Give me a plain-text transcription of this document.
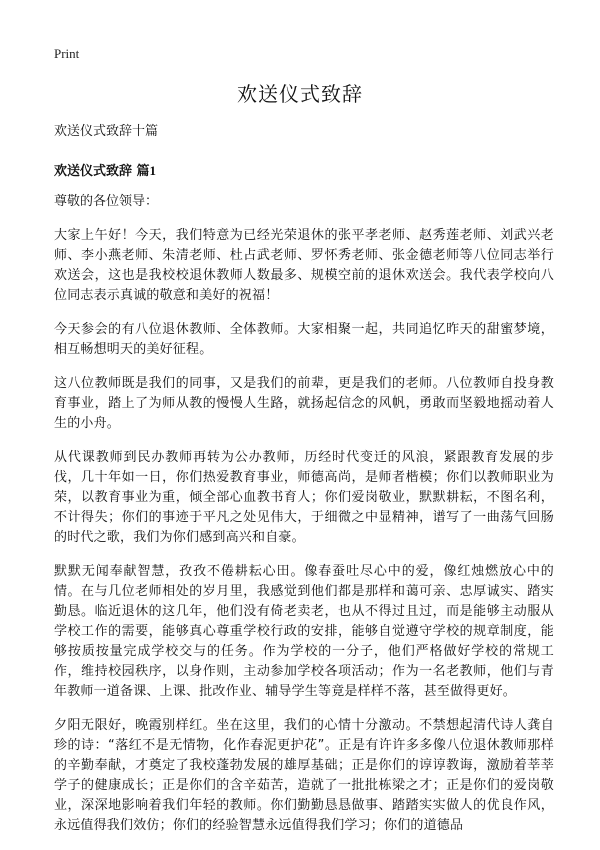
Print
欢送仪式致辞

欢送仪式致辞十篇

欢送仪式致辞 篇1

尊敬的各位领导：

大家上午好！今天，我们特意为已经光荣退休的张平孝老师、赵秀莲老师、刘武兴老师、李小燕老师、朱清老师、杜占武老师、罗怀秀老师、张金德老师等八位同志举行欢送会，这也是我校校退休教师人数最多、规模空前的退休欢送会。我代表学校向八位同志表示真诚的敬意和美好的祝福！

今天参会的有八位退休教师、全体教师。大家相聚一起，共同追忆昨天的甜蜜梦境，相互畅想明天的美好征程。

这八位教师既是我们的同事，又是我们的前辈，更是我们的老师。八位教师自投身教育事业，踏上了为师从教的慢慢人生路，就扬起信念的风帆，勇敢而坚毅地摇动着人生的小舟。

从代课教师到民办教师再转为公办教师，历经时代变迁的风浪，紧跟教育发展的步伐，几十年如一日，你们热爱教育事业，师德高尚，是师者楷模；你们以教师职业为荣，以教育事业为重，倾全部心血教书育人；你们爱岗敬业，默默耕耘，不图名利，不计得失；你们的事迹于平凡之处见伟大，于细微之中显精神，谱写了一曲荡气回肠的时代之歌，我们为你们感到高兴和自豪。

默默无闻奉献智慧，孜孜不倦耕耘心田。像春蚕吐尽心中的爱，像红烛燃放心中的情。在与几位老师相处的岁月里，我感觉到他们都是那样和蔼可亲、忠厚诚实、踏实勤恳。临近退休的这几年，他们没有倚老卖老，也从不得过且过，而是能够主动服从学校工作的需要，能够真心尊重学校行政的安排，能够自觉遵守学校的规章制度，能够按质按量完成学校交与的任务。作为学校的一分子，他们严格做好学校的常规工作，维持校园秩序，以身作则，主动参加学校各项活动；作为一名老教师，他们与青年教师一道备课、上课、批改作业、辅导学生等竟是样样不落，甚至做得更好。

夕阳无限好，晚霞别样红。坐在这里，我们的心情十分激动。不禁想起清代诗人龚自珍的诗：“落红不是无情物，化作春泥更护花”。正是有许许多多像八位退休教师那样的辛勤奉献，才奠定了我校蓬勃发展的雄厚基础；正是你们的谆谆教诲，激励着莘莘学子的健康成长；正是你们的含辛茹苦，造就了一批批栋梁之才；正是你们的爱岗敬业，深深地影响着我们年轻的教师。你们勤勤恳恳做事、踏踏实实做人的优良作风，永远值得我们效仿；你们的经验智慧永远值得我们学习；你们的道德品
